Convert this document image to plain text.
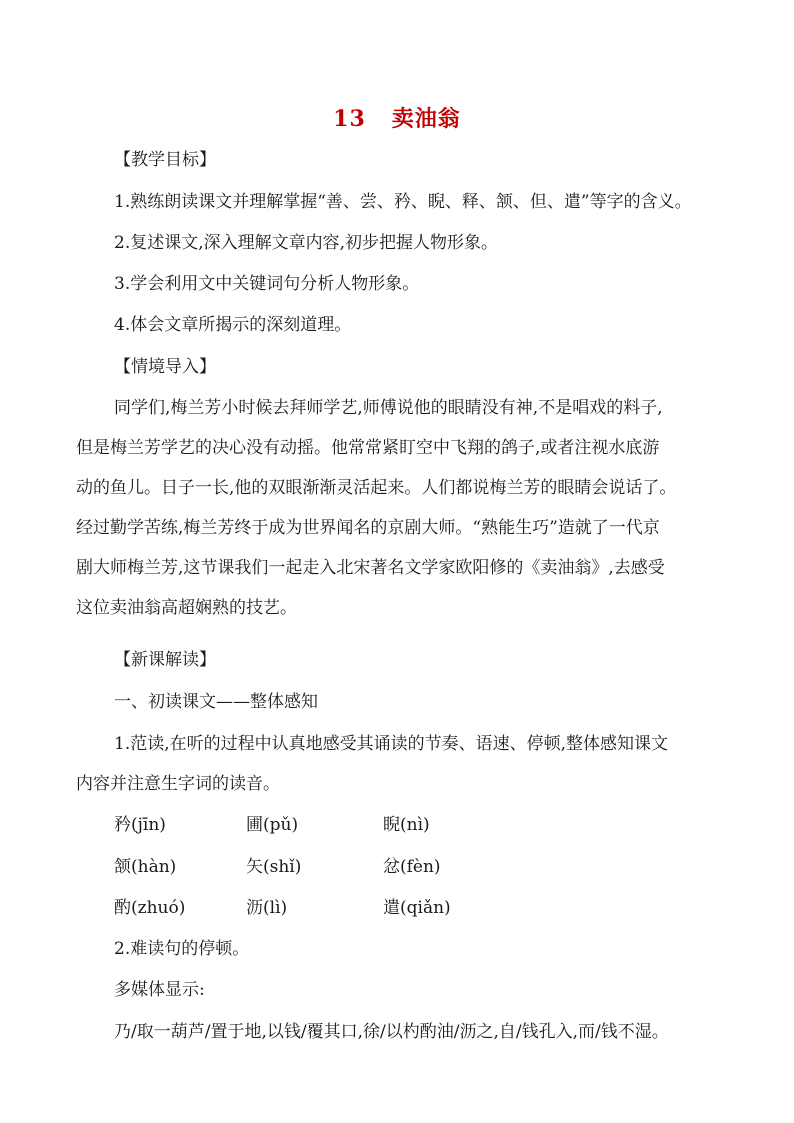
13 卖油翁
【教学目标】
1.熟练朗读课文并理解掌握“善、尝、矜、睨、释、颔、但、遣”等字的含义。
2.复述课文,深入理解文章内容,初步把握人物形象。
3.学会利用文中关键词句分析人物形象。
4.体会文章所揭示的深刻道理。
【情境导入】

同学们,梅兰芳小时候去拜师学艺,师傅说他的眼睛没有神,不是唱戏的料子,

但是梅兰芳学艺的决心没有动摇。他常常紧盯空中飞翔的鸽子,或者注视水底游

动的鱼儿。日子一长,他的双眼渐渐灵活起来。人们都说梅兰芳的眼睛会说话了。

经过勤学苦练,梅兰芳终于成为世界闻名的京剧大师。“熟能生巧”造就了一代京

剧大师梅兰芳,这节课我们一起走入北宋著名文学家欧阳修的《卖油翁》,去感受

这位卖油翁高超娴熟的技艺。

【新课解读】
一、初读课文——整体感知
1.范读,在听的过程中认真地感受其诵读的节奏、语速、停顿,整体感知课文
内容并注意生字词的读音。
矜(jīn)	圃(pǔ)	睨(nì)
颔(hàn)	矢(shǐ)	忿(fèn)
酌(zhuó)	沥(lì)	遣(qiǎn)
2.难读句的停顿。
多媒体显示:
乃/取一葫芦/置于地,以钱/覆其口,徐/以杓酌油/沥之,自/钱孔入,而/钱不湿。
